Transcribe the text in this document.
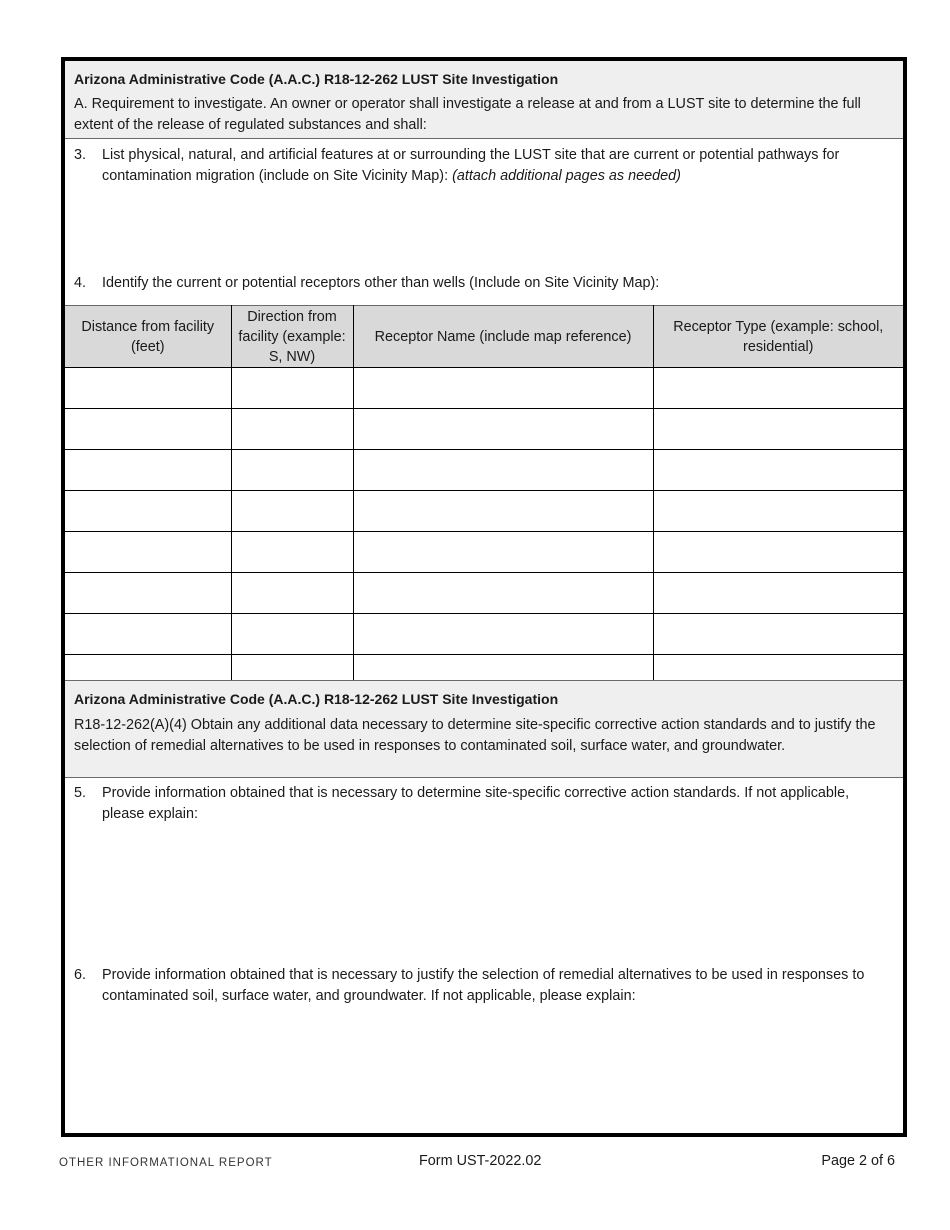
Arizona Administrative Code (A.A.C.) R18-12-262 LUST Site Investigation

A. Requirement to investigate. An owner or operator shall investigate a release at and from a LUST site to determine the full extent of the release of regulated substances and shall:

3.	List physical, natural, and artificial features at or surrounding the LUST site that are current or potential pathways for contamination migration (include on Site Vicinity Map): (attach additional pages as needed)
4.	Identify the current or potential receptors other than wells (Include on Site Vicinity Map):
Distance from facility (feet)	Direction from facility (example: S, NW)	Receptor Name (include map reference)	Receptor Type (example: school, residential)

Arizona Administrative Code (A.A.C.) R18-12-262 LUST Site Investigation

R18-12-262(A)(4) Obtain any additional data necessary to determine site-specific corrective action standards and to justify the selection of remedial alternatives to be used in responses to contaminated soil, surface water, and groundwater.

5.	Provide information obtained that is necessary to determine site-specific corrective action standards. If not applicable, please explain:
6.	Provide information obtained that is necessary to justify the selection of remedial alternatives to be used in responses to contaminated soil, surface water, and groundwater. If not applicable, please explain:
OTHER INFORMATIONAL REPORT	Form UST-2022.02	Page 2 of 6
